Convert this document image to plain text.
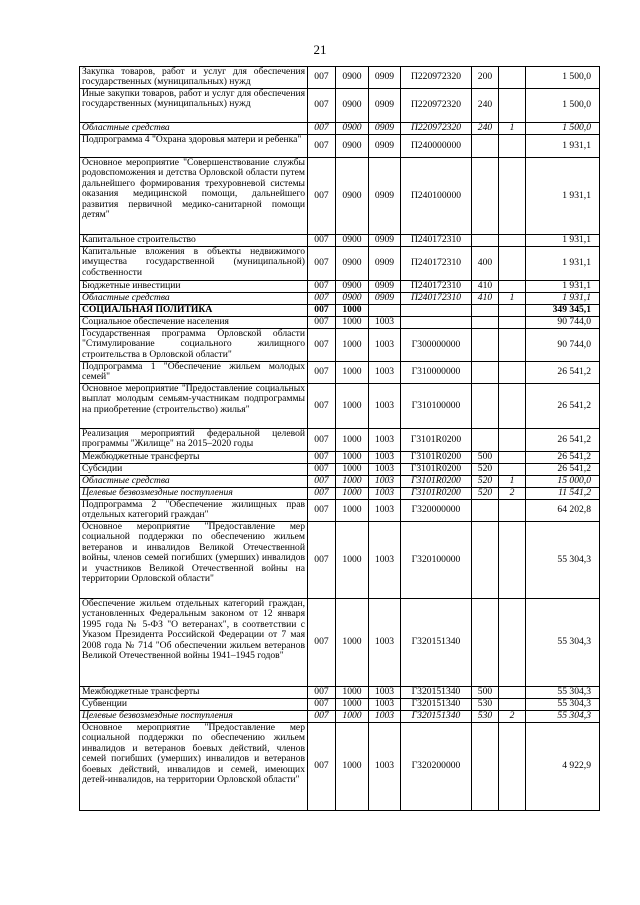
21
Закупка товаров, работ и услуг для обеспечения государственных (муниципальных) нужд	007	0900	0909	П220972320	200		1 500,0
Иные закупки товаров, работ и услуг для обеспечения государственных (муниципальных) нужд	007	0900	0909	П220972320	240		1 500,0
Областные средства	007	0900	0909	П220972320	240	1	1 500,0
Подпрограмма 4 "Охрана здоровья матери и ребенка"	007	0900	0909	П240000000			1 931,1
Основное мероприятие "Совершенствование службы родовспоможения и детства Орловской области путем дальнейшего формирования трехуровневой системы оказания медицинской помощи, дальнейшего развития первичной медико-санитарной помощи детям"	007	0900	0909	П240100000			1 931,1
Капитальное строительство	007	0900	0909	П240172310			1 931,1
Капитальные вложения в объекты недвижимого имущества государственной (муниципальной) собственности	007	0900	0909	П240172310	400		1 931,1
Бюджетные инвестиции	007	0900	0909	П240172310	410		1 931,1
Областные средства	007	0900	0909	П240172310	410	1	1 931,1
СОЦИАЛЬНАЯ ПОЛИТИКА	007	1000					349 345,1
Социальное обеспечение населения	007	1000	1003				90 744,0
Государственная программа Орловской области "Стимулирование социального жилищного строительства в Орловской области"	007	1000	1003	Г300000000			90 744,0
Подпрограмма 1 "Обеспечение жильем молодых семей"	007	1000	1003	Г310000000			26 541,2
Основное мероприятие "Предоставление социальных выплат молодым семьям-участникам подпрограммы на приобретение (строительство) жилья"	007	1000	1003	Г310100000			26 541,2
Реализация мероприятий федеральной целевой программы "Жилище" на 2015–2020 годы	007	1000	1003	Г3101R0200			26 541,2
Межбюджетные трансферты	007	1000	1003	Г3101R0200	500		26 541,2
Субсидии	007	1000	1003	Г3101R0200	520		26 541,2
Областные средства	007	1000	1003	Г3101R0200	520	1	15 000,0
Целевые безвозмездные поступления	007	1000	1003	Г3101R0200	520	2	11 541,2
Подпрограмма 2 "Обеспечение жилищных прав отдельных категорий граждан"	007	1000	1003	Г320000000			64 202,8
Основное мероприятие "Предоставление мер социальной поддержки по обеспечению жильем ветеранов и инвалидов Великой Отечественной войны, членов семей погибших (умерших) инвалидов и участников Великой Отечественной войны на территории Орловской области"	007	1000	1003	Г320100000			55 304,3
Обеспечение жильем отдельных категорий граждан, установленных Федеральным законом от 12 января 1995 года № 5-ФЗ "О ветеранах", в соответствии с Указом Президента Российской Федерации от 7 мая 2008 года № 714 "Об обеспечении жильем ветеранов Великой Отечественной войны 1941–1945 годов"	007	1000	1003	Г320151340			55 304,3
Межбюджетные трансферты	007	1000	1003	Г320151340	500		55 304,3
Субвенции	007	1000	1003	Г320151340	530		55 304,3
Целевые безвозмездные поступления	007	1000	1003	Г320151340	530	2	55 304,3
Основное мероприятие "Предоставление мер социальной поддержки по обеспечению жильем инвалидов и ветеранов боевых действий, членов семей погибших (умерших) инвалидов и ветеранов боевых действий, инвалидов и семей, имеющих детей-инвалидов, на территории Орловской области"	007	1000	1003	Г320200000			4 922,9
